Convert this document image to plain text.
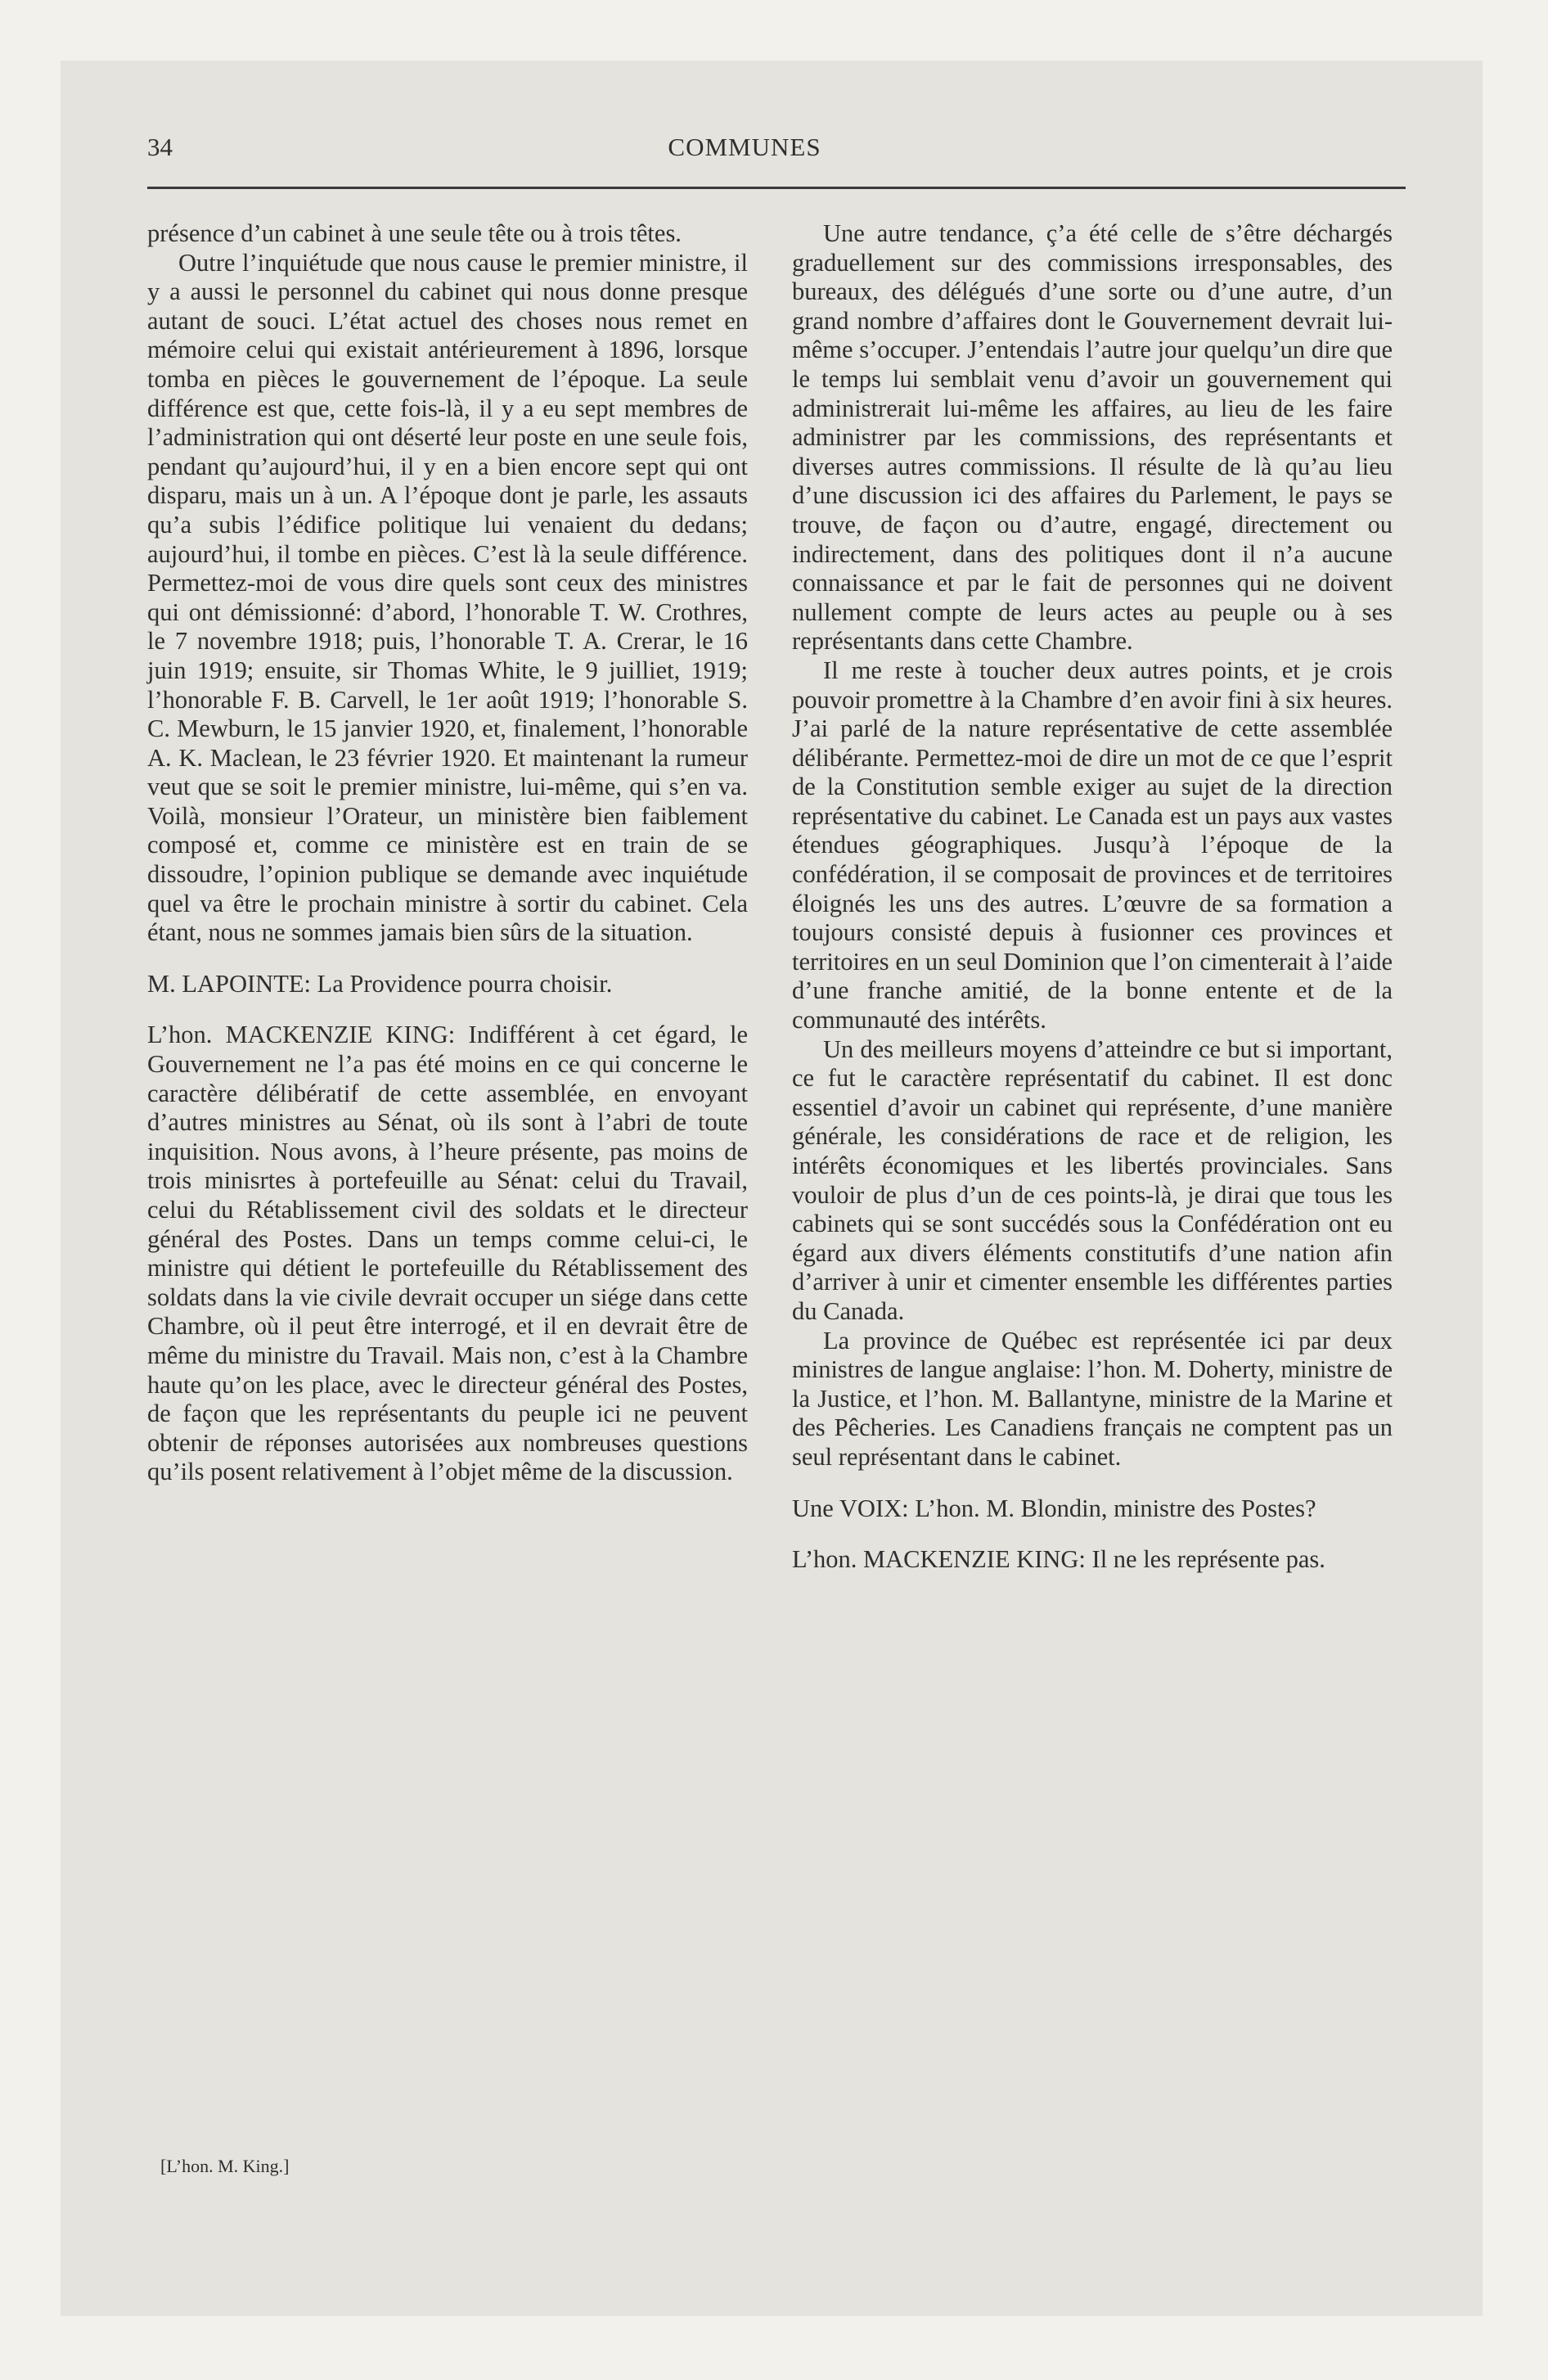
34	COMMUNES

présence d’un cabinet à une seule tête ou à trois têtes.

Outre l’inquiétude que nous cause le premier ministre, il y a aussi le personnel du cabinet qui nous donne presque autant de souci. L’état actuel des choses nous remet en mémoire celui qui existait antérieurement à 1896, lorsque tomba en pièces le gouvernement de l’époque. La seule différence est que, cette fois-là, il y a eu sept membres de l’administration qui ont déserté leur poste en une seule fois, pendant qu’aujourd’hui, il y en a bien encore sept qui ont disparu, mais un à un. A l’époque dont je parle, les assauts qu’a subis l’édifice politique lui venaient du dedans; aujourd’hui, il tombe en pièces. C’est là la seule différence. Permettez-moi de vous dire quels sont ceux des ministres qui ont démissionné: d’abord, l’honorable T. W. Crothres, le 7 novembre 1918; puis, l’honorable T. A. Crerar, le 16 juin 1919; ensuite, sir Thomas White, le 9 juilliet, 1919; l’honorable F. B. Carvell, le 1er août 1919; l’honorable S. C. Mewburn, le 15 janvier 1920, et, finalement, l’honorable A. K. Maclean, le 23 février 1920. Et maintenant la rumeur veut que se soit le premier ministre, lui-même, qui s’en va. Voilà, monsieur l’Orateur, un ministère bien faiblement composé et, comme ce ministère est en train de se dissoudre, l’opinion publique se demande avec inquiétude quel va être le prochain ministre à sortir du cabinet. Cela étant, nous ne sommes jamais bien sûrs de la situation.

M. LAPOINTE: La Providence pourra choisir.

L’hon. MACKENZIE KING: Indifférent à cet égard, le Gouvernement ne l’a pas été moins en ce qui concerne le caractère délibératif de cette assemblée, en envoyant d’autres ministres au Sénat, où ils sont à l’abri de toute inquisition. Nous avons, à l’heure présente, pas moins de trois minisrtes à portefeuille au Sénat: celui du Travail, celui du Rétablissement civil des soldats et le directeur général des Postes. Dans un temps comme celui-ci, le ministre qui détient le portefeuille du Rétablissement des soldats dans la vie civile devrait occuper un siége dans cette Chambre, où il peut être interrogé, et il en devrait être de même du ministre du Travail. Mais non, c’est à la Chambre haute qu’on les place, avec le directeur général des Postes, de façon que les représentants du peuple ici ne peuvent obtenir de réponses autorisées aux nombreuses questions qu’ils posent relativement à l’objet même de la discussion.

Une autre tendance, ç’a été celle de s’être déchargés graduellement sur des commissions irresponsables, des bureaux, des délégués d’une sorte ou d’une autre, d’un grand nombre d’affaires dont le Gouvernement devrait lui-même s’occuper. J’entendais l’autre jour quelqu’un dire que le temps lui semblait venu d’avoir un gouvernement qui administrerait lui-même les affaires, au lieu de les faire administrer par les commissions, des représentants et diverses autres commissions. Il résulte de là qu’au lieu d’une discussion ici des affaires du Parlement, le pays se trouve, de façon ou d’autre, engagé, directement ou indirectement, dans des politiques dont il n’a aucune connaissance et par le fait de personnes qui ne doivent nullement compte de leurs actes au peuple ou à ses représentants dans cette Chambre.

Il me reste à toucher deux autres points, et je crois pouvoir promettre à la Chambre d’en avoir fini à six heures. J’ai parlé de la nature représentative de cette assemblée délibérante. Permettez-moi de dire un mot de ce que l’esprit de la Constitution semble exiger au sujet de la direction représentative du cabinet. Le Canada est un pays aux vastes étendues géographiques. Jusqu’à l’époque de la confédération, il se composait de provinces et de territoires éloignés les uns des autres. L’œuvre de sa formation a toujours consisté depuis à fusionner ces provinces et territoires en un seul Dominion que l’on cimenterait à l’aide d’une franche amitié, de la bonne entente et de la communauté des intérêts.

Un des meilleurs moyens d’atteindre ce but si important, ce fut le caractère représentatif du cabinet. Il est donc essentiel d’avoir un cabinet qui représente, d’une manière générale, les considérations de race et de religion, les intérêts économiques et les libertés provinciales. Sans vouloir de plus d’un de ces points-là, je dirai que tous les cabinets qui se sont succédés sous la Confédération ont eu égard aux divers éléments constitutifs d’une nation afin d’arriver à unir et cimenter ensemble les différentes parties du Canada.

La province de Québec est représentée ici par deux ministres de langue anglaise: l’hon. M. Doherty, ministre de la Justice, et l’hon. M. Ballantyne, ministre de la Marine et des Pêcheries. Les Canadiens français ne comptent pas un seul représentant dans le cabinet.

Une VOIX: L’hon. M. Blondin, ministre des Postes?

L’hon. MACKENZIE KING: Il ne les représente pas.

[L’hon. M. King.]
